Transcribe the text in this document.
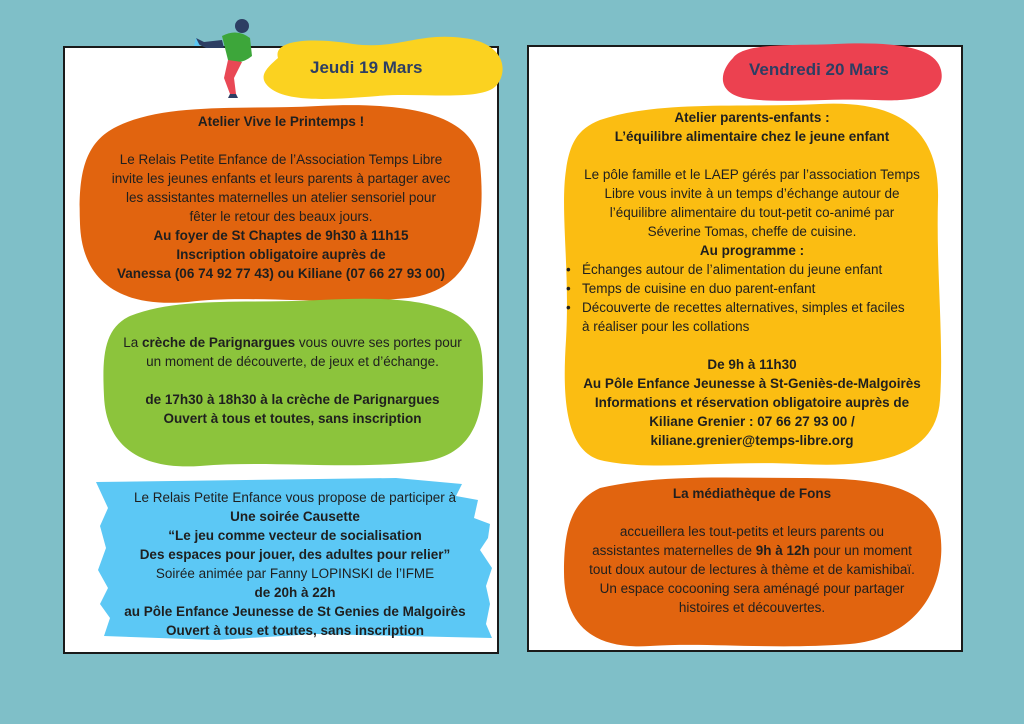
Jeudi 19 Mars
Atelier Vive le Printemps !
Le Relais Petite Enfance de l’Association Temps Libre
invite les jeunes enfants et leurs parents à partager avec
les assistantes maternelles un atelier sensoriel pour
fêter le retour des beaux jours.
Au foyer de St Chaptes de 9h30 à 11h15
Inscription obligatoire auprès de
Vanessa (06 74 92 77 43) ou Kiliane (07 66 27 93 00)
La crèche de Parignargues vous ouvre ses portes pour
un moment de découverte, de jeux et d’échange.
de 17h30 à 18h30 à la crèche de Parignargues
Ouvert à tous et toutes, sans inscription
Le Relais Petite Enfance vous propose de participer à
Une soirée Causette
“Le jeu comme vecteur de socialisation
Des espaces pour jouer, des adultes pour relier”
Soirée animée par Fanny LOPINSKI de l’IFME
de 20h à 22h
au Pôle Enfance Jeunesse de St Genies de Malgoirès
Ouvert à tous et toutes, sans inscription
Vendredi 20 Mars
Atelier parents-enfants :
L’équilibre alimentaire chez le jeune enfant
Le pôle famille et le LAEP gérés par l’association Temps
Libre vous invite à un temps d’échange autour de
l’équilibre alimentaire du tout-petit co-animé par
Séverine Tomas, cheffe de cuisine.
Au programme :
• Échanges autour de l’alimentation du jeune enfant
• Temps de cuisine en duo parent-enfant
• Découverte de recettes alternatives, simples et faciles
à réaliser pour les collations
De 9h à 11h30
Au Pôle Enfance Jeunesse à St-Geniès-de-Malgoirès
Informations et réservation obligatoire auprès de
Kiliane Grenier : 07 66 27 93 00 /
kiliane.grenier@temps-libre.org
La médiathèque de Fons
accueillera les tout-petits et leurs parents ou
assistantes maternelles de 9h à 12h pour un moment
tout doux autour de lectures à thème et de kamishibaï.
Un espace cocooning sera aménagé pour partager
histoires et découvertes.
